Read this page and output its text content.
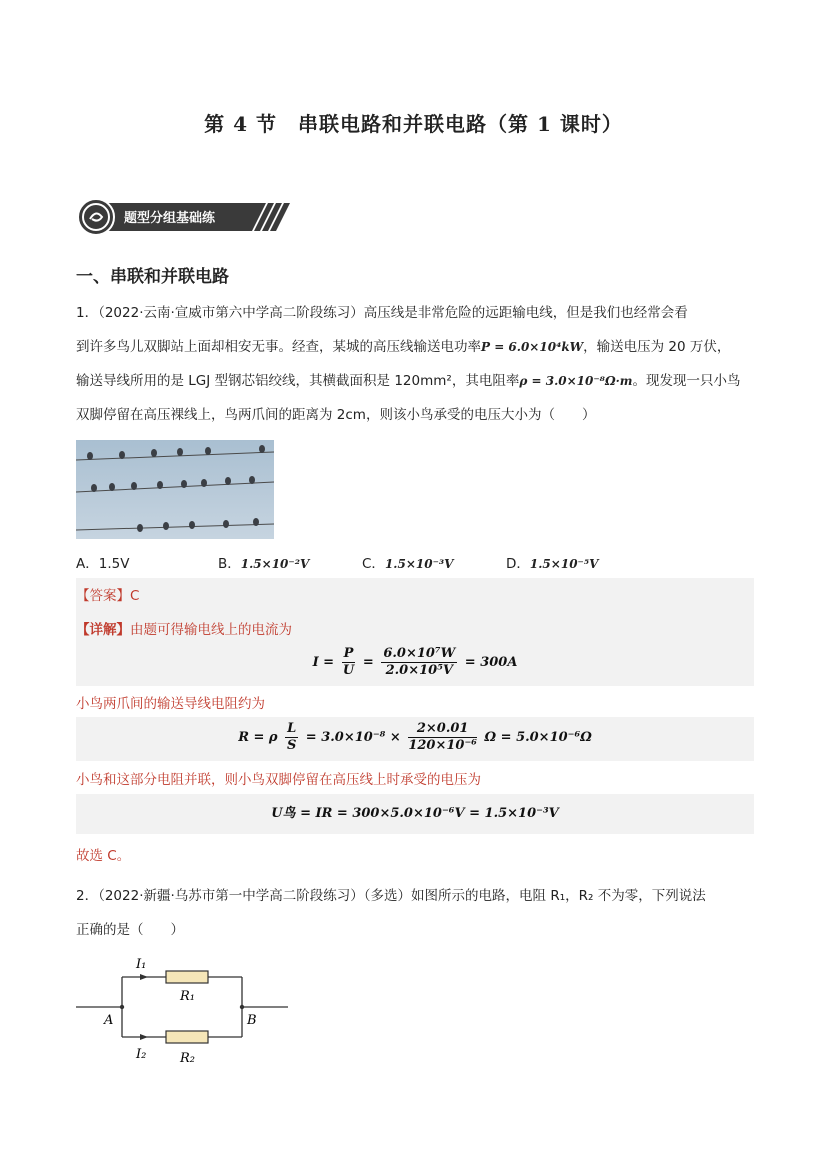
第 4 节　串联电路和并联电路（第 1 课时）
题型分组基础练
一、串联和并联电路

1．（2022·云南·宣威市第六中学高二阶段练习）高压线是非常危险的远距输电线，但是我们也经常会看

到许多鸟儿双脚站上面却相安无事。经查，某城的高压线输送电功率P = 6.0×10⁴kW，输送电压为 20 万伏，

输送导线所用的是 LGJ 型钢芯铝绞线，其横截面积是 120mm²，其电阻率ρ = 3.0×10⁻⁸Ω·m。现发现一只小鸟

双脚停留在高压裸线上，鸟两爪间的距离为 2cm，则该小鸟承受的电压大小为（　　）

A．1.5V	B．1.5×10⁻²V	C．1.5×10⁻³V	D．1.5×10⁻⁵V
【答案】C
【详解】由题可得输电线上的电流为
$I = \frac{P}{U} = \frac{\text{6.0×10⁷W}}{\text{2.0×10⁵V}} = 300A$
小鸟两爪间的输送导线电阻约为
R = ρ $\frac{L}{S} = 3.0\times 10^{-8} \times \frac{2\times 0.01}{\text{120×10⁻⁶}}$ Ω = 5.0×10⁻⁶Ω
小鸟和这部分电阻并联，则小鸟双脚停留在高压线上时承受的电压为
U鸟 = IR = 300×5.0×10⁻⁶V = 1.5×10⁻³V
故选 C。

2．（2022·新疆·乌苏市第一中学高二阶段练习）（多选）如图所示的电路，电阻 R₁，R₂ 不为零，下列说法

正确的是（　　）

I₁
I₂
R₁
R₂
A	B
